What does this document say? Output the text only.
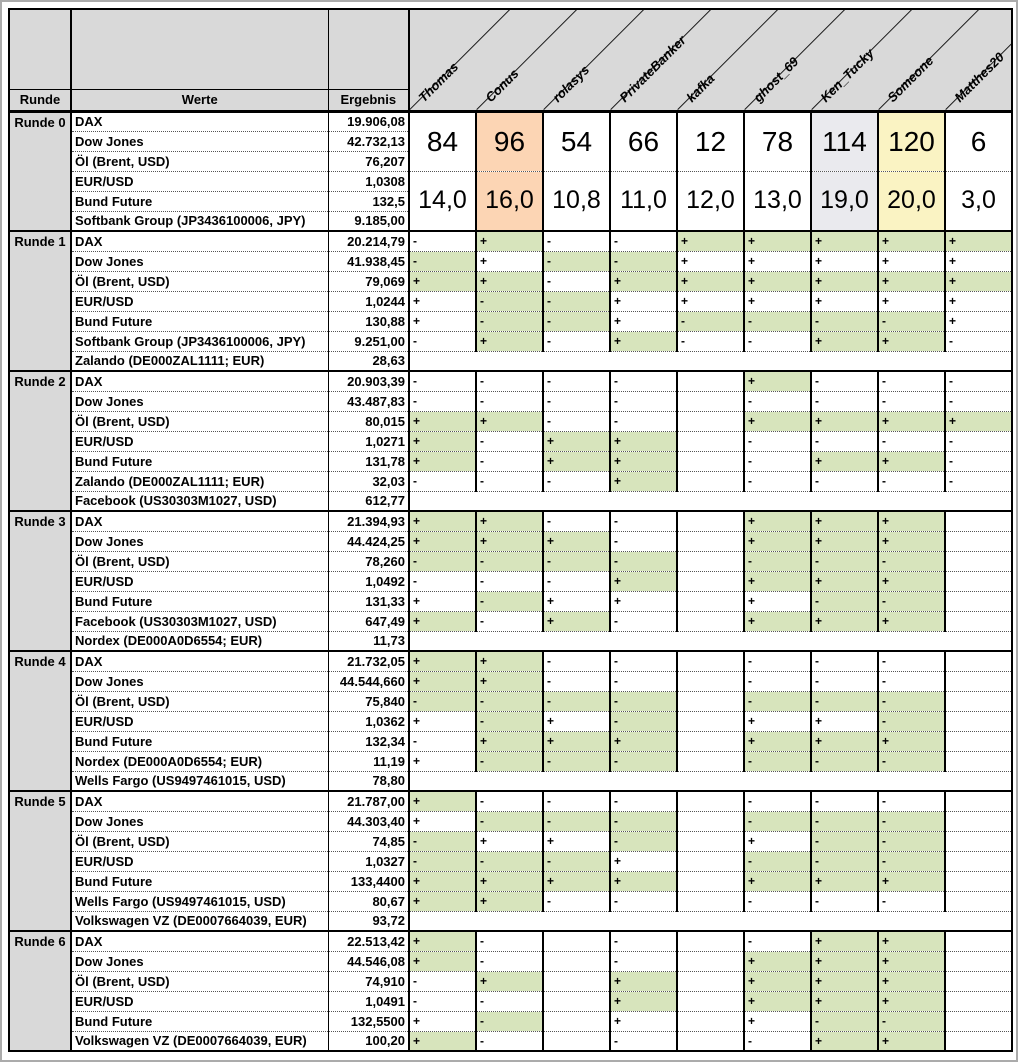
Thomas Conus rolasys PrivateBanker
kafka	ghost_69 Ken_Tucky Someone Matthes20

Runde	Werte	Ergebnis									
Runde 0	DAX	19.906,08	84	96	54	66	12	78	114	120	6
	Dow Jones	42.732,13									
	Öl (Brent, USD)	76,207									
	EUR/USD	1,0308	14,0	16,0	10,8	11,0	12,0	13,0	19,0	20,0	3,0
	Bund Future	132,5									
	Softbank Group (JP3436100006, JPY)	9.185,00									
Runde 1	DAX	20.214,79	-	+	-	-	+	+	+	+	+
	Dow Jones	41.938,45	-	+	-	-	+	+	+	+	+
	Öl (Brent, USD)	79,069	+	+	-	+	+	+	+	+	+
	EUR/USD	1,0244	+	-	-	+	+	+	+	+	+
	Bund Future	130,88	+	-	-	+	-	-	-	-	+
	Softbank Group (JP3436100006, JPY)	9.251,00	-	+	-	+	-	-	+	+	-
	Zalando (DE000ZAL1111; EUR)	28,63									
Runde 2	DAX	20.903,39	-	-	-	-		+	-	-	-
	Dow Jones	43.487,83	-	-	-	-		-	-	-	-
	Öl (Brent, USD)	80,015	+	+	-	-		+	+	+	+
	EUR/USD	1,0271	+	-	+	+		-	-	-	-
	Bund Future	131,78	+	-	+	+		-	+	+	-
	Zalando (DE000ZAL1111; EUR)	32,03	-	-	-	+		-	-	-	-
	Facebook (US30303M1027, USD)	612,77									
Runde 3	DAX	21.394,93	+	+	-	-		+	+	+	
	Dow Jones	44.424,25	+	+	+	-		+	+	+	
	Öl (Brent, USD)	78,260	-	-	-	-		-	-	-	
	EUR/USD	1,0492	-	-	-	+		+	+	+	
	Bund Future	131,33	+	-	+	+		+	-	-	
	Facebook (US30303M1027, USD)	647,49	+	-	+	-		+	+	+	
	Nordex (DE000A0D6554; EUR)	11,73									
Runde 4	DAX	21.732,05	+	+	-	-		-	-	-	
	Dow Jones	44.544,660	+	+	-	-		-	-	-	
	Öl (Brent, USD)	75,840	-	-	-	-		-	-	-	
	EUR/USD	1,0362	+	-	+	-		+	+	-	
	Bund Future	132,34	-	+	+	+		+	+	+	
	Nordex (DE000A0D6554; EUR)	11,19	+	-	-	-		-	-	-	
	Wells Fargo (US9497461015, USD)	78,80									
Runde 5	DAX	21.787,00	+	-	-	-		-	-	-	
	Dow Jones	44.303,40	+	-	-	-		-	-	-	
	Öl (Brent, USD)	74,85	-	+	+	-		+	-	-	
	EUR/USD	1,0327	-	-	-	+		-	-	-	
	Bund Future	133,4400	+	+	+	+		+	+	+	
	Wells Fargo (US9497461015, USD)	80,67	+	+	-	-		-	-	-	
	Volkswagen VZ (DE0007664039, EUR)	93,72									
Runde 6	DAX	22.513,42	+	-		-		-	+	+	
	Dow Jones	44.546,08	+	-		-		+	+	+	
	Öl (Brent, USD)	74,910	-	+		+		+	+	+	
	EUR/USD	1,0491	-	-		+		+	+	+	
	Bund Future	132,5500	+	-		+		+	-	-	
	Volkswagen VZ (DE0007664039, EUR)	100,20	+	-		-		-	+	+	
